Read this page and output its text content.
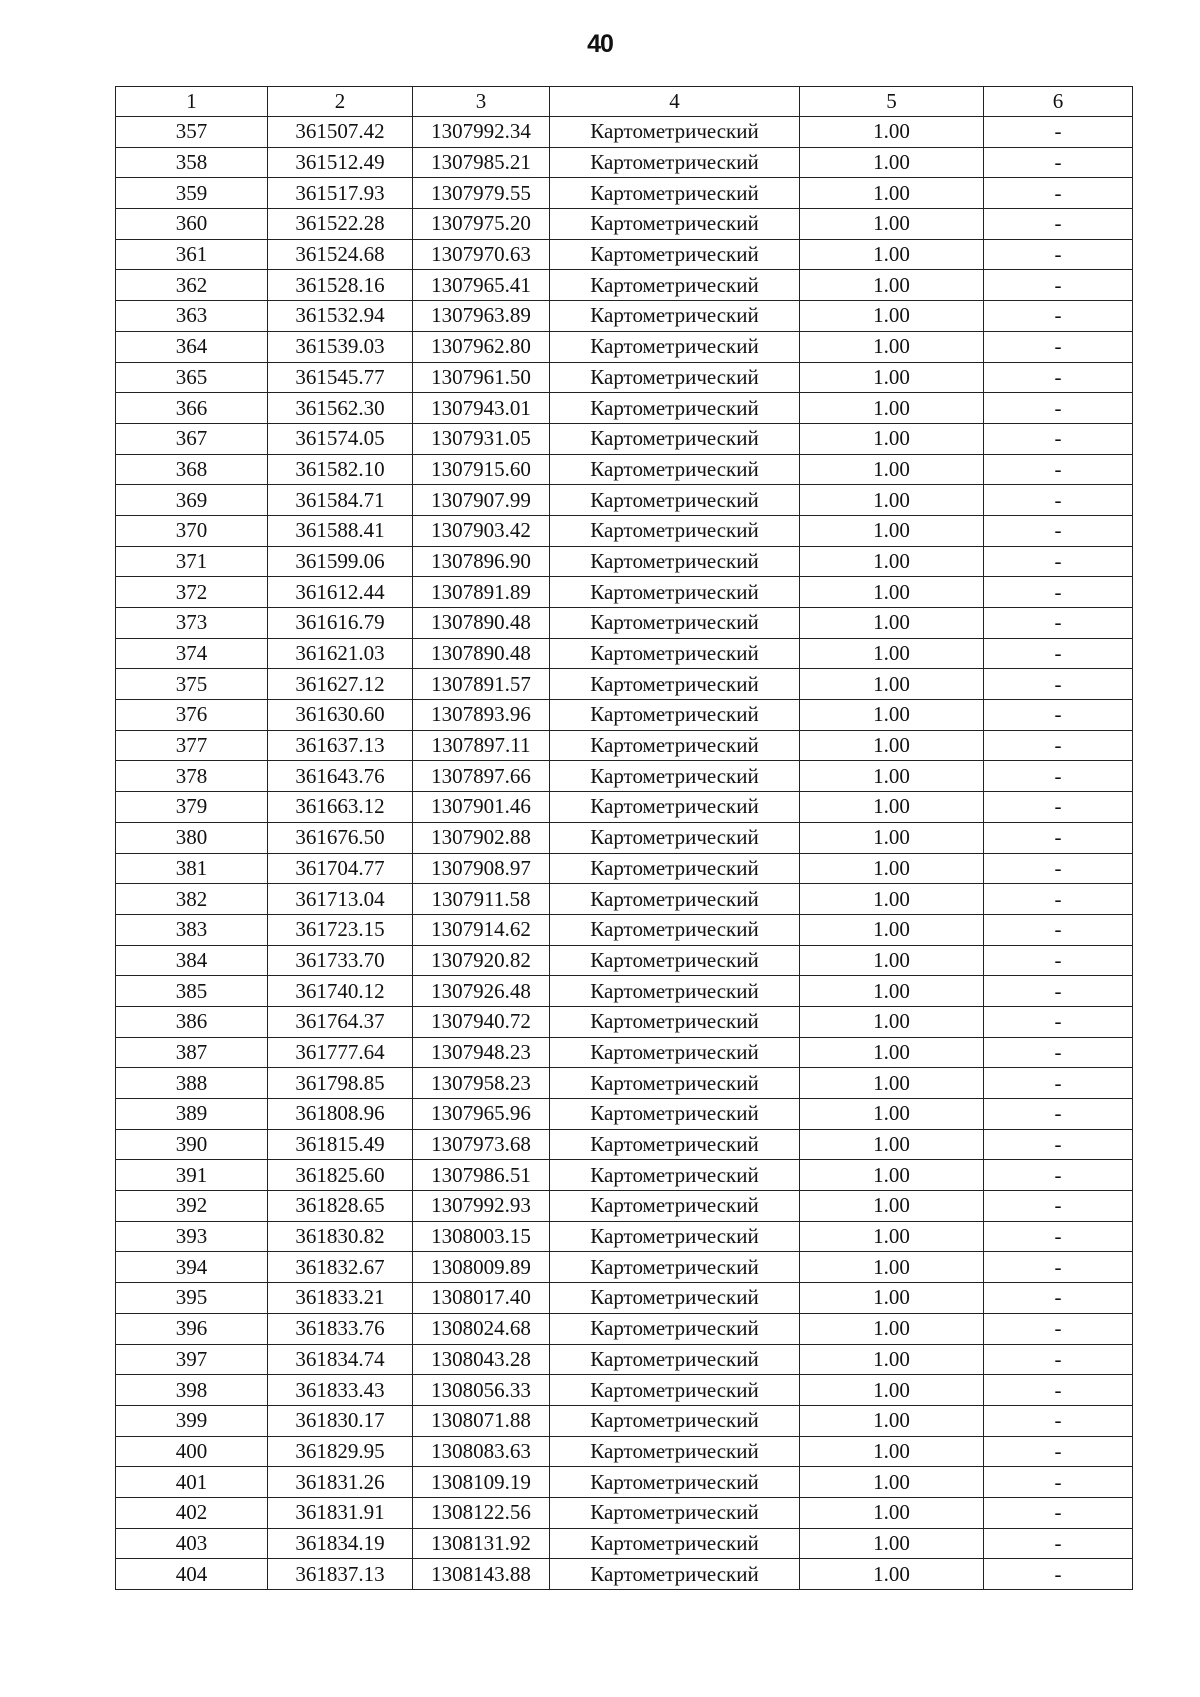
40
1	2	3	4	5	6
357	361507.42	1307992.34	Картометрический	1.00	-
358	361512.49	1307985.21	Картометрический	1.00	-
359	361517.93	1307979.55	Картометрический	1.00	-
360	361522.28	1307975.20	Картометрический	1.00	-
361	361524.68	1307970.63	Картометрический	1.00	-
362	361528.16	1307965.41	Картометрический	1.00	-
363	361532.94	1307963.89	Картометрический	1.00	-
364	361539.03	1307962.80	Картометрический	1.00	-
365	361545.77	1307961.50	Картометрический	1.00	-
366	361562.30	1307943.01	Картометрический	1.00	-
367	361574.05	1307931.05	Картометрический	1.00	-
368	361582.10	1307915.60	Картометрический	1.00	-
369	361584.71	1307907.99	Картометрический	1.00	-
370	361588.41	1307903.42	Картометрический	1.00	-
371	361599.06	1307896.90	Картометрический	1.00	-
372	361612.44	1307891.89	Картометрический	1.00	-
373	361616.79	1307890.48	Картометрический	1.00	-
374	361621.03	1307890.48	Картометрический	1.00	-
375	361627.12	1307891.57	Картометрический	1.00	-
376	361630.60	1307893.96	Картометрический	1.00	-
377	361637.13	1307897.11	Картометрический	1.00	-
378	361643.76	1307897.66	Картометрический	1.00	-
379	361663.12	1307901.46	Картометрический	1.00	-
380	361676.50	1307902.88	Картометрический	1.00	-
381	361704.77	1307908.97	Картометрический	1.00	-
382	361713.04	1307911.58	Картометрический	1.00	-
383	361723.15	1307914.62	Картометрический	1.00	-
384	361733.70	1307920.82	Картометрический	1.00	-
385	361740.12	1307926.48	Картометрический	1.00	-
386	361764.37	1307940.72	Картометрический	1.00	-
387	361777.64	1307948.23	Картометрический	1.00	-
388	361798.85	1307958.23	Картометрический	1.00	-
389	361808.96	1307965.96	Картометрический	1.00	-
390	361815.49	1307973.68	Картометрический	1.00	-
391	361825.60	1307986.51	Картометрический	1.00	-
392	361828.65	1307992.93	Картометрический	1.00	-
393	361830.82	1308003.15	Картометрический	1.00	-
394	361832.67	1308009.89	Картометрический	1.00	-
395	361833.21	1308017.40	Картометрический	1.00	-
396	361833.76	1308024.68	Картометрический	1.00	-
397	361834.74	1308043.28	Картометрический	1.00	-
398	361833.43	1308056.33	Картометрический	1.00	-
399	361830.17	1308071.88	Картометрический	1.00	-
400	361829.95	1308083.63	Картометрический	1.00	-
401	361831.26	1308109.19	Картометрический	1.00	-
402	361831.91	1308122.56	Картометрический	1.00	-
403	361834.19	1308131.92	Картометрический	1.00	-
404	361837.13	1308143.88	Картометрический	1.00	-
